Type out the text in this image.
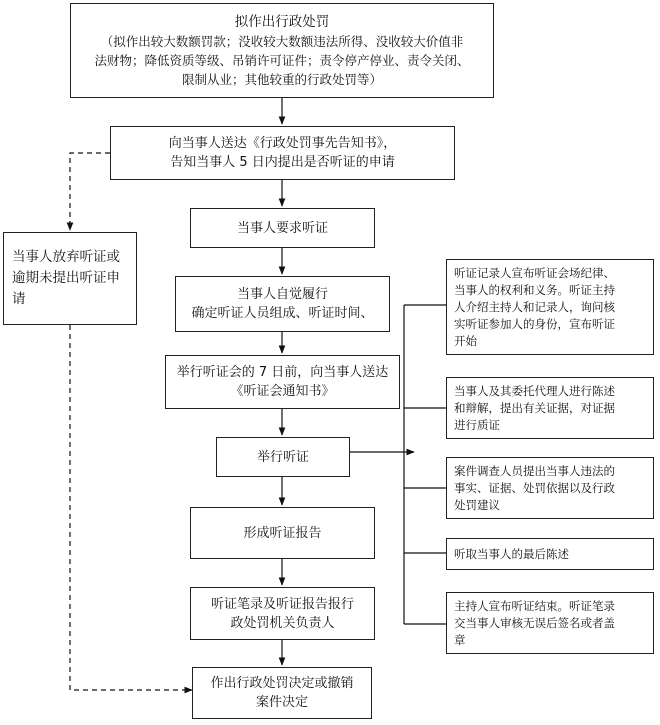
拟作出行政处罚
（拟作出较大数额罚款；没收较大数额违法所得、没收较大价值非
法财物；降低资质等级、吊销许可证件；责令停产停业、责令关闭、
限制从业；其他较重的行政处罚等）
向当事人送达《行政处罚事先告知书》，
告知当事人 5 日内提出是否听证的申请
当事人放弃听证或
逾期未提出听证申
请
当事人要求听证
当事人自觉履行
确定听证人员组成、听证时间、
举行听证会的 7 日前，向当事人送达
《听证会通知书》
举行听证
形成听证报告
听证笔录及听证报告报行
政处罚机关负责人
作出行政处罚决定或撤销
案件决定
听证记录人宣布听证会场纪律、
当事人的权利和义务。听证主持
人介绍主持人和记录人，询问核
实听证参加人的身份，宣布听证
开始
当事人及其委托代理人进行陈述
和辩解，提出有关证据，对证据
进行质证
案件调查人员提出当事人违法的
事实、证据、处罚依据以及行政
处罚建议
听取当事人的最后陈述
主持人宣布听证结束。听证笔录
交当事人审核无误后签名或者盖
章
